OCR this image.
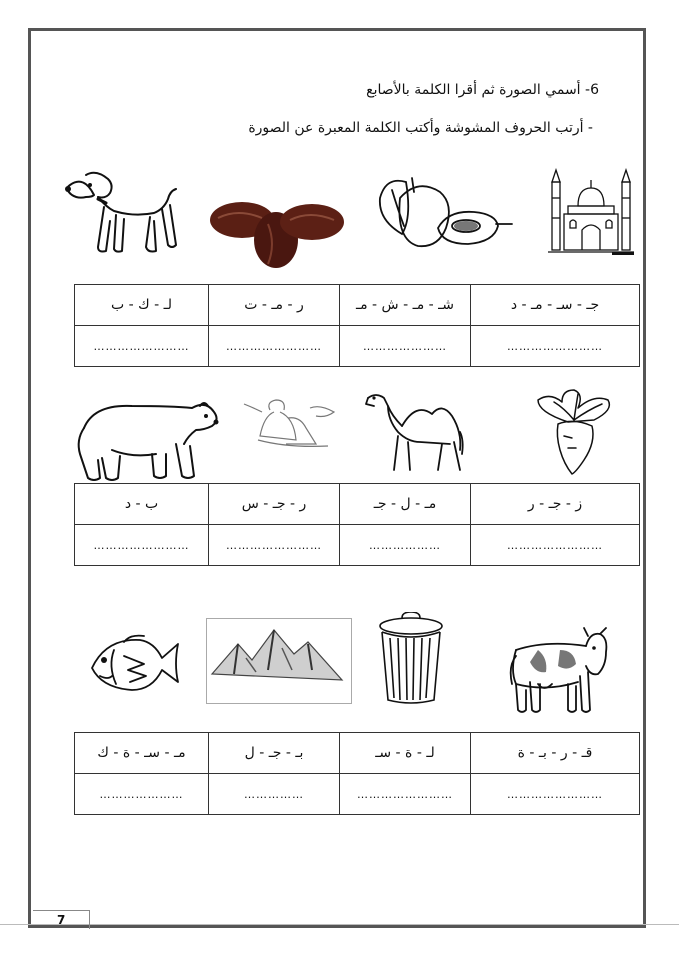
6- أسمي الصورة ثم أقرا الكلمة بالأصابع
- أرتب الحروف المشوشة وأكتب الكلمة المعبرة عن الصورة
جـ - سـ - مـ - د	شـ - مـ - ش - مـ	ر - مـ - ت	لـ - ك - ب
……………………	…………………	……………………	……………………
ز - جـ - ر	مـ - ل - جـ	ر - جـ - س	ب - د
……………………	………………	……………………	……………………
قـ - ر - بـ - ة	لـ - ة - سـ	بـ - جـ - ل	مـ - سـ - ة - ك
……………………	……………………	……………	…………………
7
